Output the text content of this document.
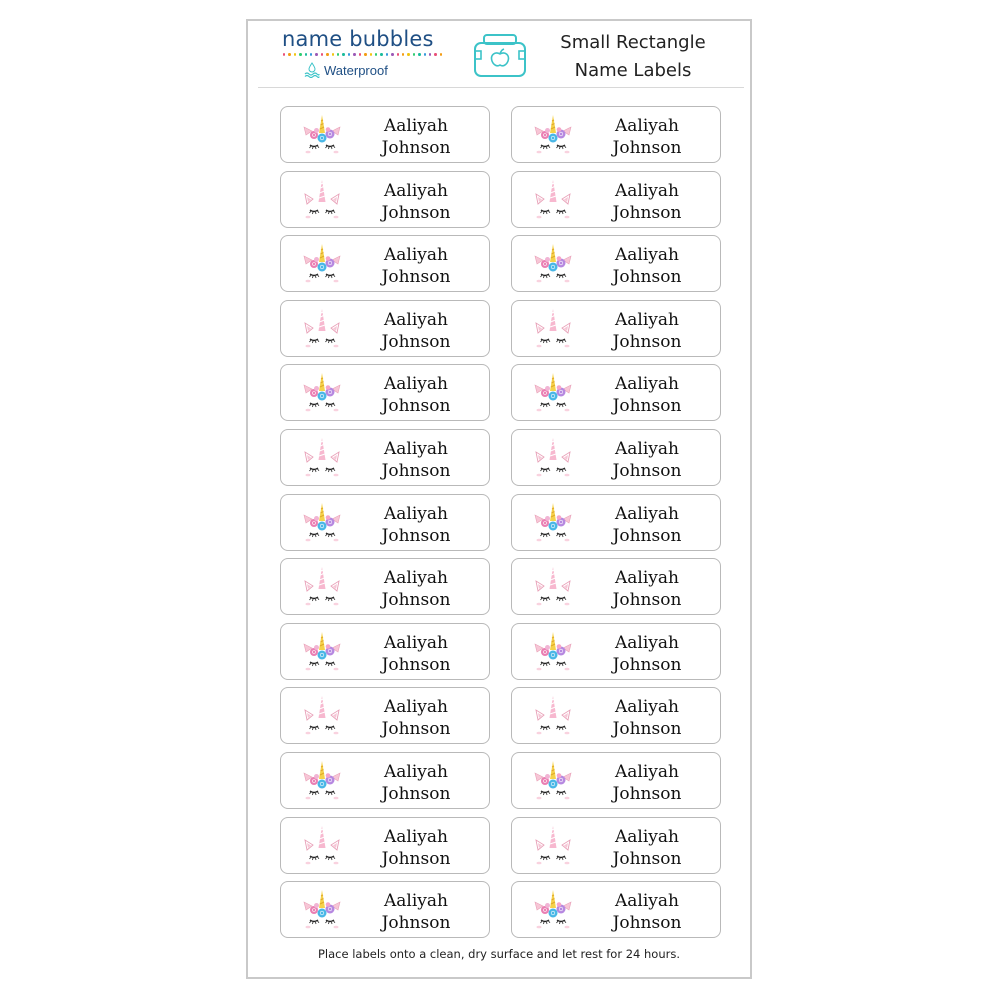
name bubbles
Waterproof
Small Rectangle
Name Labels
Aaliyah
Johnson
Aaliyah
Johnson
Aaliyah
Johnson
Aaliyah
Johnson
Aaliyah
Johnson
Aaliyah
Johnson
Aaliyah
Johnson
Aaliyah
Johnson
Aaliyah
Johnson
Aaliyah
Johnson
Aaliyah
Johnson
Aaliyah
Johnson
Aaliyah
Johnson
Aaliyah
Johnson
Aaliyah
Johnson
Aaliyah
Johnson
Aaliyah
Johnson
Aaliyah
Johnson
Aaliyah
Johnson
Aaliyah
Johnson
Aaliyah
Johnson
Aaliyah
Johnson
Aaliyah
Johnson
Aaliyah
Johnson
Aaliyah
Johnson
Aaliyah
Johnson
Place labels onto a clean, dry surface and let rest for 24 hours.
